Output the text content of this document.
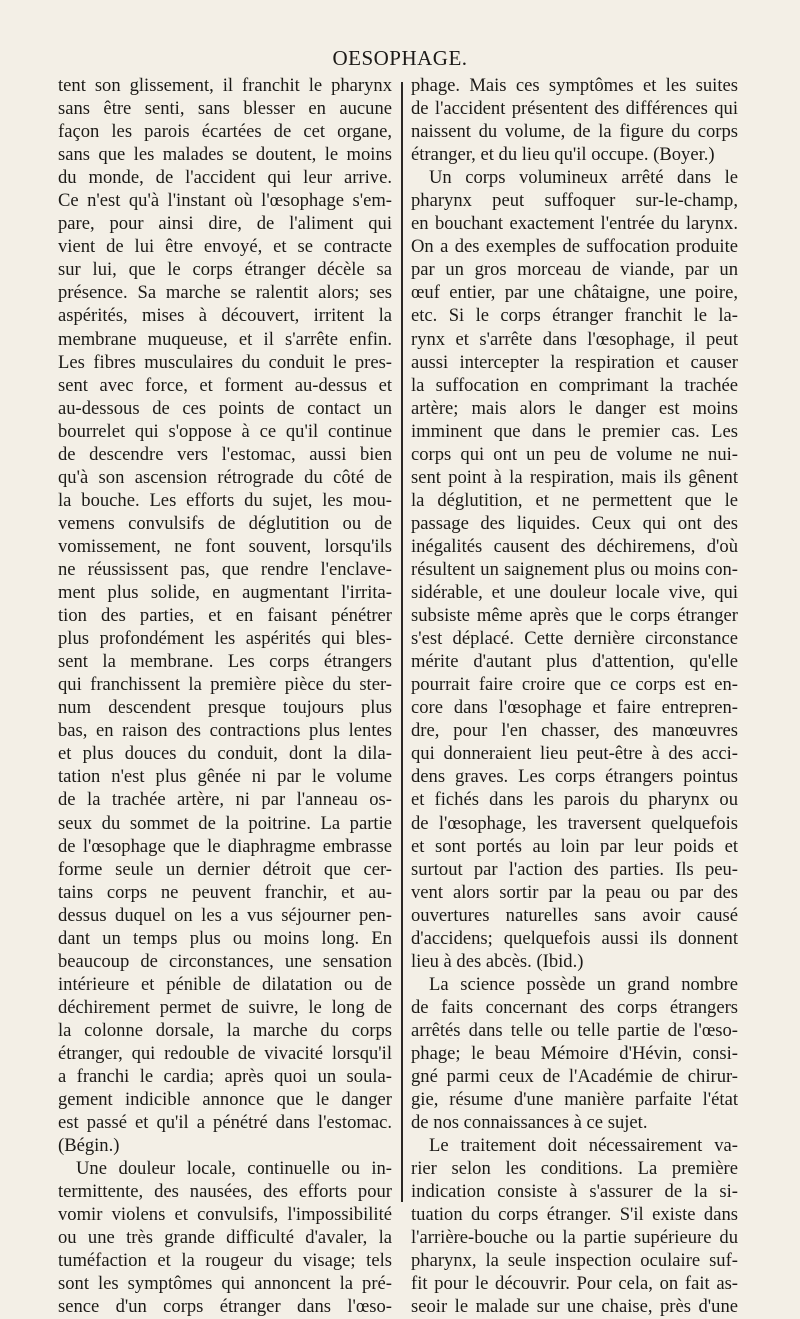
OESOPHAGE.
tent son glissement, il franchit le pharynx
sans être senti, sans blesser en aucune
façon les parois écartées de cet organe,
sans que les malades se doutent, le moins
du monde, de l'accident qui leur arrive.
Ce n'est qu'à l'instant où l'œsophage s'em-
pare, pour ainsi dire, de l'aliment qui
vient de lui être envoyé, et se contracte
sur lui, que le corps étranger décèle sa
présence. Sa marche se ralentit alors; ses
aspérités, mises à découvert, irritent la
membrane muqueuse, et il s'arrête enfin.
Les fibres musculaires du conduit le pres-
sent avec force, et forment au-dessus et
au-dessous de ces points de contact un
bourrelet qui s'oppose à ce qu'il continue
de descendre vers l'estomac, aussi bien
qu'à son ascension rétrograde du côté de
la bouche. Les efforts du sujet, les mou-
vemens convulsifs de déglutition ou de
vomissement, ne font souvent, lorsqu'ils
ne réussissent pas, que rendre l'enclave-
ment plus solide, en augmentant l'irrita-
tion des parties, et en faisant pénétrer
plus profondément les aspérités qui bles-
sent la membrane. Les corps étrangers
qui franchissent la première pièce du ster-
num descendent presque toujours plus
bas, en raison des contractions plus lentes
et plus douces du conduit, dont la dila-
tation n'est plus gênée ni par le volume
de la trachée artère, ni par l'anneau os-
seux du sommet de la poitrine. La partie
de l'œsophage que le diaphragme embrasse
forme seule un dernier détroit que cer-
tains corps ne peuvent franchir, et au-
dessus duquel on les a vus séjourner pen-
dant un temps plus ou moins long. En
beaucoup de circonstances, une sensation
intérieure et pénible de dilatation ou de
déchirement permet de suivre, le long de
la colonne dorsale, la marche du corps
étranger, qui redouble de vivacité lorsqu'il
a franchi le cardia; après quoi un soula-
gement indicible annonce que le danger
est passé et qu'il a pénétré dans l'estomac.
(Bégin.)
Une douleur locale, continuelle ou in-
termittente, des nausées, des efforts pour
vomir violens et convulsifs, l'impossibilité
ou une très grande difficulté d'avaler, la
tuméfaction et la rougeur du visage; tels
sont les symptômes qui annoncent la pré-
sence d'un corps étranger dans l'œso-
phage. Mais ces symptômes et les suites
de l'accident présentent des différences qui
naissent du volume, de la figure du corps
étranger, et du lieu qu'il occupe. (Boyer.)
Un corps volumineux arrêté dans le
pharynx peut suffoquer sur-le-champ,
en bouchant exactement l'entrée du larynx.
On a des exemples de suffocation produite
par un gros morceau de viande, par un
œuf entier, par une châtaigne, une poire,
etc. Si le corps étranger franchit le la-
rynx et s'arrête dans l'œsophage, il peut
aussi intercepter la respiration et causer
la suffocation en comprimant la trachée
artère; mais alors le danger est moins
imminent que dans le premier cas. Les
corps qui ont un peu de volume ne nui-
sent point à la respiration, mais ils gênent
la déglutition, et ne permettent que le
passage des liquides. Ceux qui ont des
inégalités causent des déchiremens, d'où
résultent un saignement plus ou moins con-
sidérable, et une douleur locale vive, qui
subsiste même après que le corps étranger
s'est déplacé. Cette dernière circonstance
mérite d'autant plus d'attention, qu'elle
pourrait faire croire que ce corps est en-
core dans l'œsophage et faire entrepren-
dre, pour l'en chasser, des manœuvres
qui donneraient lieu peut-être à des acci-
dens graves. Les corps étrangers pointus
et fichés dans les parois du pharynx ou
de l'œsophage, les traversent quelquefois
et sont portés au loin par leur poids et
surtout par l'action des parties. Ils peu-
vent alors sortir par la peau ou par des
ouvertures naturelles sans avoir causé
d'accidens; quelquefois aussi ils donnent
lieu à des abcès. (Ibid.)
La science possède un grand nombre
de faits concernant des corps étrangers
arrêtés dans telle ou telle partie de l'œso-
phage; le beau Mémoire d'Hévin, consi-
gné parmi ceux de l'Académie de chirur-
gie, résume d'une manière parfaite l'état
de nos connaissances à ce sujet.
Le traitement doit nécessairement va-
rier selon les conditions. La première
indication consiste à s'assurer de la si-
tuation du corps étranger. S'il existe dans
l'arrière-bouche ou la partie supérieure du
pharynx, la seule inspection oculaire suf-
fit pour le découvrir. Pour cela, on fait as-
seoir le malade sur une chaise, près d'une
